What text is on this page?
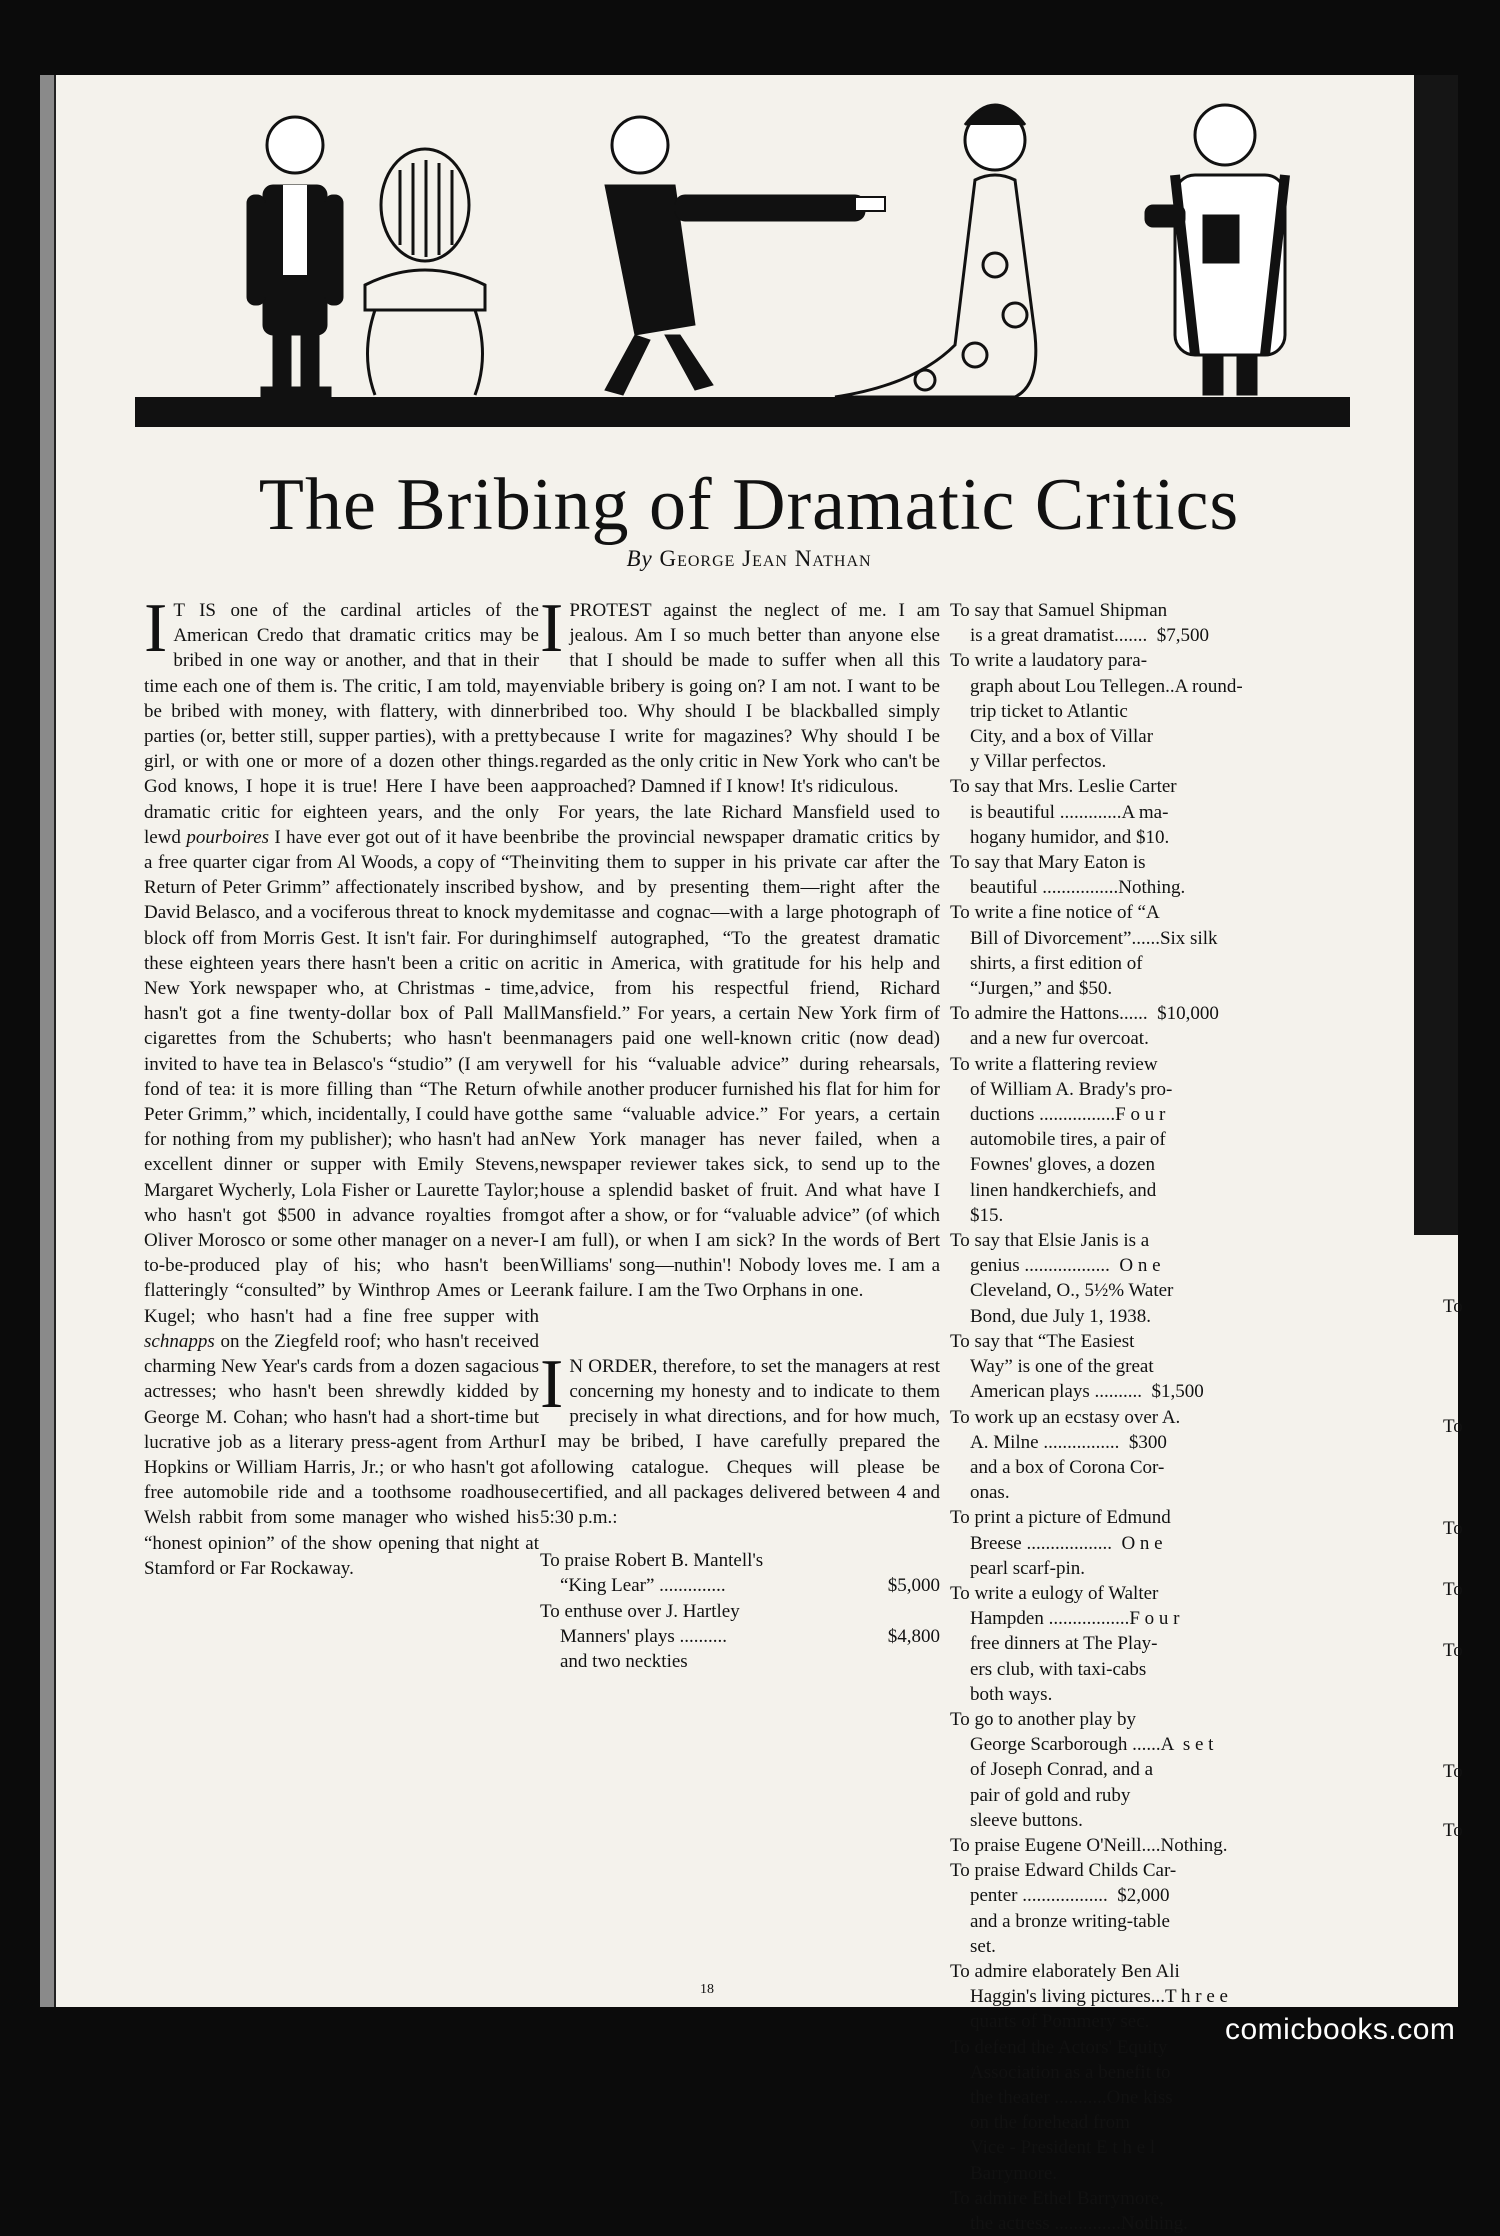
The Bribing of Dramatic Critics
By George Jean Nathan

I T IS one of the cardinal articles of the American Credo that dramatic critics may be bribed in one way or another, and that in their time each one of them is. The critic, I am told, may be bribed with money, with flattery, with dinner parties (or, better still, supper parties), with a pretty girl, or with one or more of a dozen other things. God knows, I hope it is true! Here I have been a dramatic critic for eighteen years, and the only lewd pourboires I have ever got out of it have been a free quarter cigar from Al Woods, a copy of “The Return of Peter Grimm” affectionately inscribed by David Belasco, and a vociferous threat to knock my block off from Morris Gest. It isn't fair. For during these eighteen years there hasn't been a critic on a New York newspaper who, at Christmas - time, hasn't got a fine twenty-dollar box of Pall Mall cigarettes from the Schuberts; who hasn't been invited to have tea in Belasco's “studio” (I am very fond of tea: it is more filling than “The Return of Peter Grimm,” which, incidentally, I could have got for nothing from my publisher); who hasn't had an excellent dinner or supper with Emily Stevens, Margaret Wycherly, Lola Fisher or Laurette Taylor; who hasn't got $500 in advance royalties from Oliver Morosco or some other manager on a never-to-be-produced play of his; who hasn't been flatteringly “consulted” by Winthrop Ames or Lee Kugel; who hasn't had a fine free supper with schnapps on the Ziegfeld roof; who hasn't received charming New Year's cards from a dozen sagacious actresses; who hasn't been shrewdly kidded by George M. Cohan; who hasn't had a short-time but lucrative job as a literary press-agent from Arthur Hopkins or William Harris, Jr.; or who hasn't got a free automobile ride and a toothsome roadhouse Welsh rabbit from some manager who wished his “honest opinion” of the show opening that night at Stamford or Far Rockaway.

IPROTEST against the neglect of me. I am jealous. Am I so much better than anyone else that I should be made to suffer when all this enviable bribery is going on? I am not. I want to be bribed too. Why should I be blackballed simply because I write for magazines? Why should I be regarded as the only critic in New York who can't be approached? Damned if I know! It's ridiculous.

For years, the late Richard Mansfield used to bribe the provincial newspaper dramatic critics by inviting them to supper in his private car after the show, and by presenting them—right after the demitasse and cognac—with a large photograph of himself autographed, “To the greatest dramatic critic in America, with gratitude for his help and advice, from his respectful friend, Richard Mansfield.” For years, a certain New York firm of managers paid one well-known critic (now dead) well for his “valuable advice” during rehearsals, while another producer furnished his flat for him for the same “valuable advice.” For years, a certain New York manager has never failed, when a newspaper reviewer takes sick, to send up to the house a splendid basket of fruit. And what have I got after a show, or for “valuable advice” (of which I am full), or when I am sick? In the words of Bert Williams' song—nuthin'! Nobody loves me. I am a rank failure. I am the Two Orphans in one.

I N ORDER, therefore, to set the managers at rest concerning my honesty and to indicate to them precisely in what directions, and for how much, I may be bribed, I have carefully prepared the following catalogue. Cheques will please be certified, and all packages delivered between 4 and 5:30 p.m.:

To praise Robert B. Mantell's
“King Lear” ..............	$5,000
To enthuse over J. Hartley
Manners' plays ..........	$4,800
and two neckties
To say that Samuel Shipman
is a great dramatist.......  $7,500
To write a laudatory para-
graph about Lou Tellegen..A round-
trip ticket to Atlantic
City, and a box of Villar
y Villar perfectos.
To say that Mrs. Leslie Carter
is beautiful .............A ma-
hogany humidor, and $10.
To say that Mary Eaton is
beautiful ................Nothing.
To write a fine notice of “A
Bill of Divorcement”......Six silk
shirts, a first edition of
“Jurgen,” and $50.
To admire the Hattons......  $10,000
and a new fur overcoat.
To write a flattering review
of William A. Brady's pro-
ductions ................F o u r
automobile tires, a pair of
Fownes' gloves, a dozen
linen handkerchiefs, and
$15.
To say that Elsie Janis is a
genius ..................  O n e
Cleveland, O., 5½% Water
Bond, due July 1, 1938.
To say that “The Easiest
Way” is one of the great
American plays ..........  $1,500
To work up an ecstasy over A.
A. Milne ................  $300
and a box of Corona Cor-
onas.
To print a picture of Edmund
Breese ..................  O n e
pearl scarf-pin.
To write a eulogy of Walter
Hampden .................F o u r
free dinners at The Play-
ers club, with taxi-cabs
both ways.
To go to another play by
George Scarborough ......A  s e t
of Joseph Conrad, and a
pair of gold and ruby
sleeve buttons.
To praise Eugene O'Neill....Nothing.
To praise Edward Childs Car-
penter ..................  $2,000
and a bronze writing-table
set.
To admire elaborately Ben Ali
Haggin's living pictures...T h r e e
quarts of Pommery sec.
To defend the Actors' Equity
Association as a benefit to
the theater ...........One kiss
on the forehead from
Vice - President E t h e l
Barrymore.
To admire Ethel Barrymore,
the actress ..............Nothing.
18
To
To
To
To
To
To
To
comicbooks.com
